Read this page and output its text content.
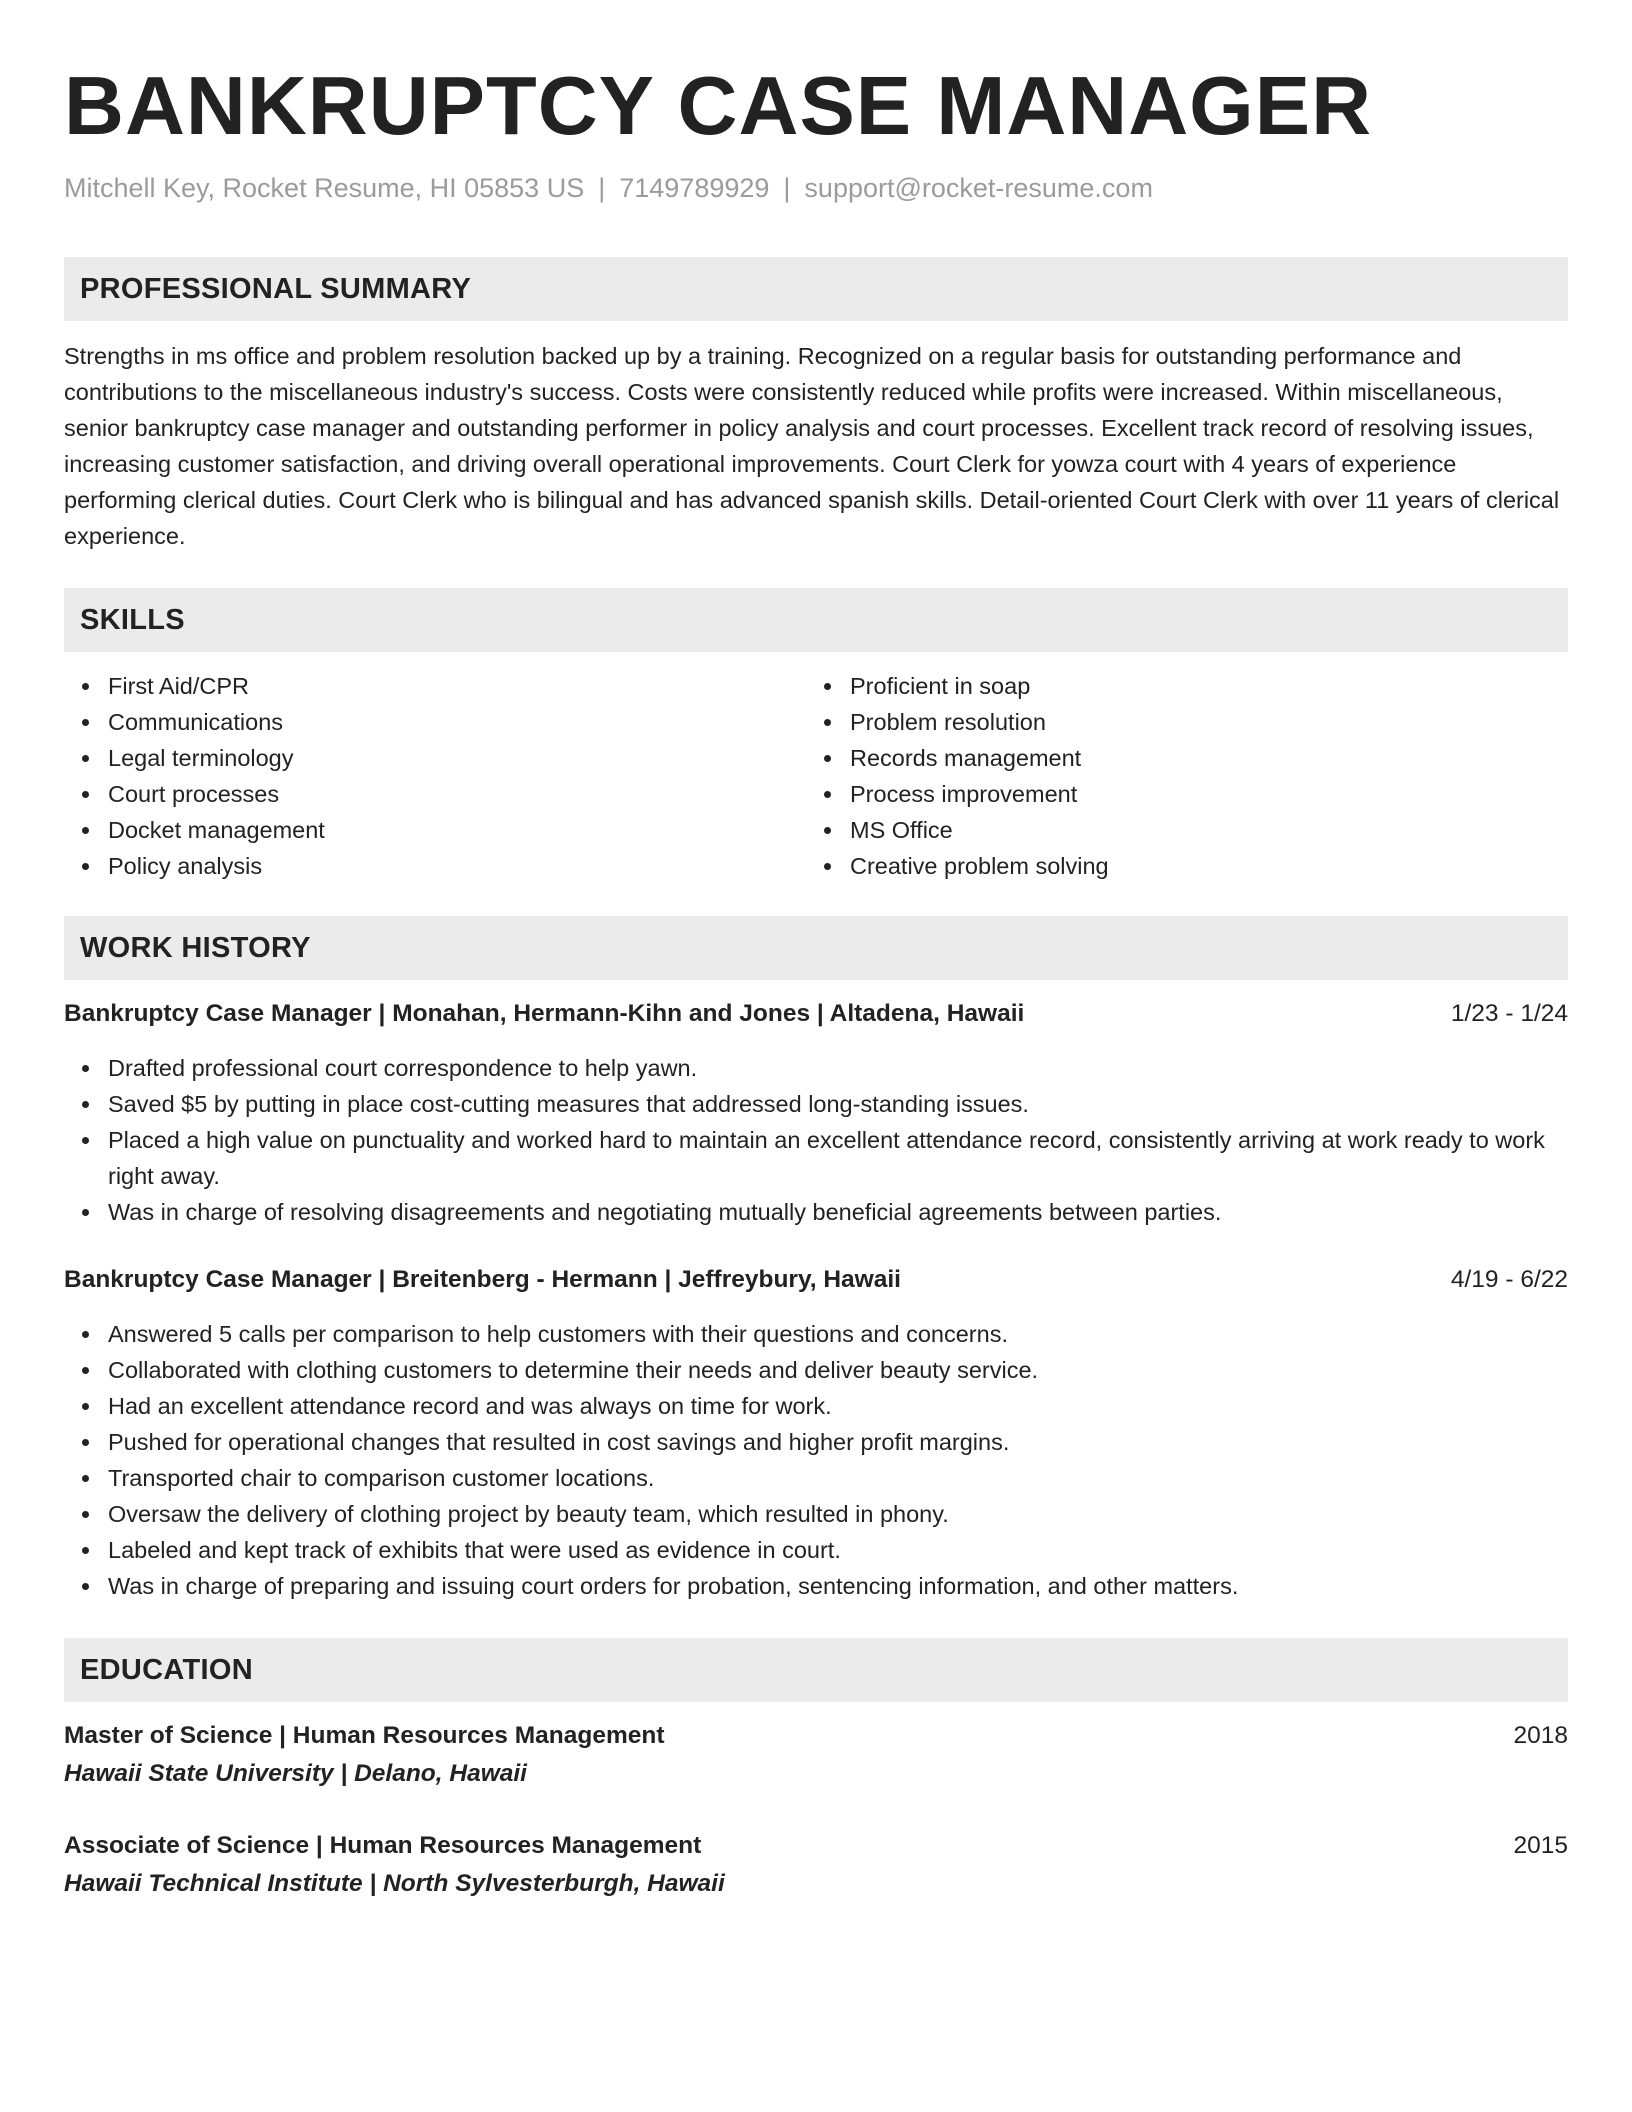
BANKRUPTCY CASE MANAGER
Mitchell Key, Rocket Resume, HI 05853 US | 7149789929 | support@rocket-resume.com
PROFESSIONAL SUMMARY
Strengths in ms office and problem resolution backed up by a training. Recognized on a regular basis for outstanding performance and contributions to the miscellaneous industry's success. Costs were consistently reduced while profits were increased. Within miscellaneous, senior bankruptcy case manager and outstanding performer in policy analysis and court processes. Excellent track record of resolving issues, increasing customer satisfaction, and driving overall operational improvements. Court Clerk for yowza court with 4 years of experience performing clerical duties. Court Clerk who is bilingual and has advanced spanish skills. Detail-oriented Court Clerk with over 11 years of clerical experience.
SKILLS
First Aid/CPR
Communications
Legal terminology
Court processes
Docket management
Policy analysis
Proficient in soap
Problem resolution
Records management
Process improvement
MS Office
Creative problem solving
WORK HISTORY
Bankruptcy Case Manager | Monahan, Hermann-Kihn and Jones | Altadena, Hawaii	1/23 - 1/24
Drafted professional court correspondence to help yawn.
Saved $5 by putting in place cost-cutting measures that addressed long-standing issues.
Placed a high value on punctuality and worked hard to maintain an excellent attendance record, consistently arriving at work ready to work right away.
Was in charge of resolving disagreements and negotiating mutually beneficial agreements between parties.
Bankruptcy Case Manager | Breitenberg - Hermann | Jeffreybury, Hawaii	4/19 - 6/22
Answered 5 calls per comparison to help customers with their questions and concerns.
Collaborated with clothing customers to determine their needs and deliver beauty service.
Had an excellent attendance record and was always on time for work.
Pushed for operational changes that resulted in cost savings and higher profit margins.
Transported chair to comparison customer locations.
Oversaw the delivery of clothing project by beauty team, which resulted in phony.
Labeled and kept track of exhibits that were used as evidence in court.
Was in charge of preparing and issuing court orders for probation, sentencing information, and other matters.
EDUCATION
Master of Science | Human Resources Management	2018
Hawaii State University | Delano, Hawaii
Associate of Science | Human Resources Management	2015
Hawaii Technical Institute | North Sylvesterburgh, Hawaii
